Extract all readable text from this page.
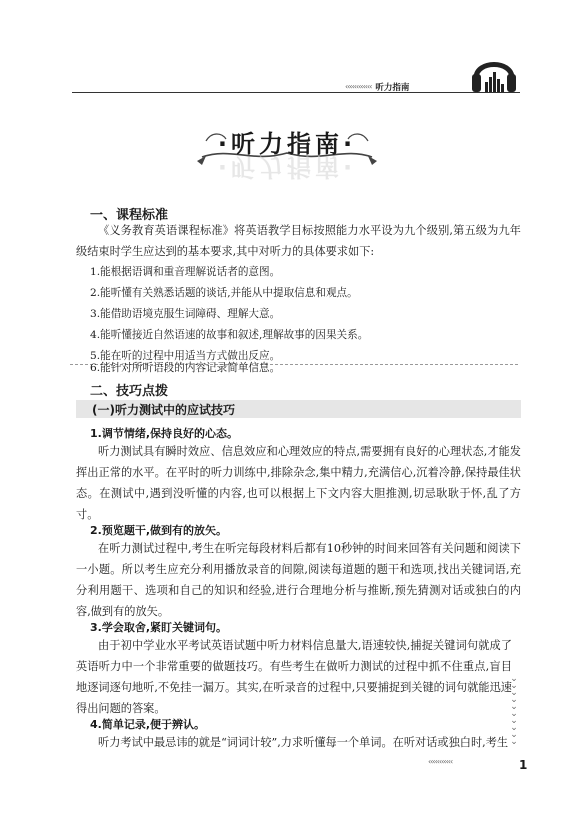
‹‹‹‹‹‹‹‹‹‹‹‹ 听力指南
·听力指南·
·听力指南·
一、课程标准
《义务教育英语课程标准》将英语教学目标按照能力水平设为九个级别,第五级为九年级结束时学生应达到的基本要求,其中对听力的具体要求如下:
1.能根据语调和重音理解说话者的意图。
2.能听懂有关熟悉话题的谈话,并能从中提取信息和观点。
3.能借助语境克服生词障碍、理解大意。
4.能听懂接近自然语速的故事和叙述,理解故事的因果关系。
5.能在听的过程中用适当方式做出反应。
6.能针对所听语段的内容记录简单信息。
二、技巧点拨
(一)听力测试中的应试技巧
1.调节情绪,保持良好的心态。
听力测试具有瞬时效应、信息效应和心理效应的特点,需要拥有良好的心理状态,才能发挥出正常的水平。在平时的听力训练中,排除杂念,集中精力,充满信心,沉着冷静,保持最佳状态。在测试中,遇到没听懂的内容,也可以根据上下文内容大胆推测,切忌耿耿于怀,乱了方寸。
2.预览题干,做到有的放矢。
在听力测试过程中,考生在听完每段材料后都有10秒钟的时间来回答有关问题和阅读下一小题。所以考生应充分利用播放录音的间隙,阅读每道题的题干和选项,找出关键词语,充分利用题干、选项和自己的知识和经验,进行合理地分析与推断,预先猜测对话或独白的内容,做到有的放矢。
3.学会取舍,紧盯关键词句。
由于初中学业水平考试英语试题中听力材料信息量大,语速较快,捕捉关键词句就成了英语听力中一个非常重要的做题技巧。有些考生在做听力测试的过程中抓不住重点,盲目地逐词逐句地听,不免挂一漏万。其实,在听录音的过程中,只要捕捉到关键的词句就能迅速得出问题的答案。
4.简单记录,便于辨认。
听力考试中最忌讳的就是“词词计较”,力求听懂每一个单词。在听对话或独白时,考生
⌄⌄⌄⌄⌄⌄⌄⌄⌄⌄
‹‹‹‹‹‹‹‹‹‹‹	1
